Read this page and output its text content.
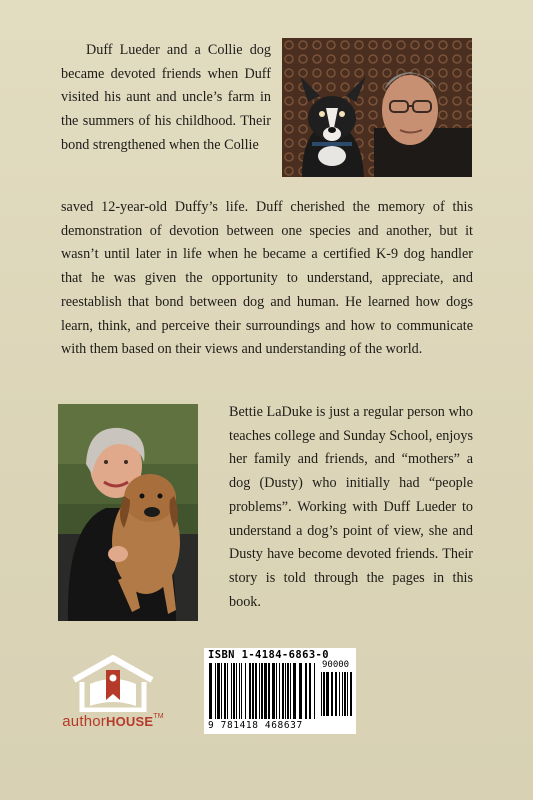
Duff Lueder and a Collie dog became devoted friends when Duff visited his aunt and uncle’s farm in the summers of his childhood. Their bond strengthened when the Collie

saved 12-year-old Duffy’s life. Duff cherished the memory of this demonstration of devotion between one species and another, but it wasn’t until later in life when he became a certified K-9 dog handler that he was given the opportunity to understand, appreciate, and reestablish that bond between dog and human. He learned how dogs learn, think, and perceive their surroundings and how to communicate with them based on their views and understanding of the world.

Bettie LaDuke is just a regular person who teaches college and Sunday School, enjoys her family and friends, and “mothers” a dog (Dusty) who initially had “people problems”. Working with Duff Lueder to understand a dog’s point of view, she and Dusty have become devoted friends. Their story is told through the pages in this book.

authorHOUSE™
ISBN 1-4184-6863-0
90000
9 781418 468637
